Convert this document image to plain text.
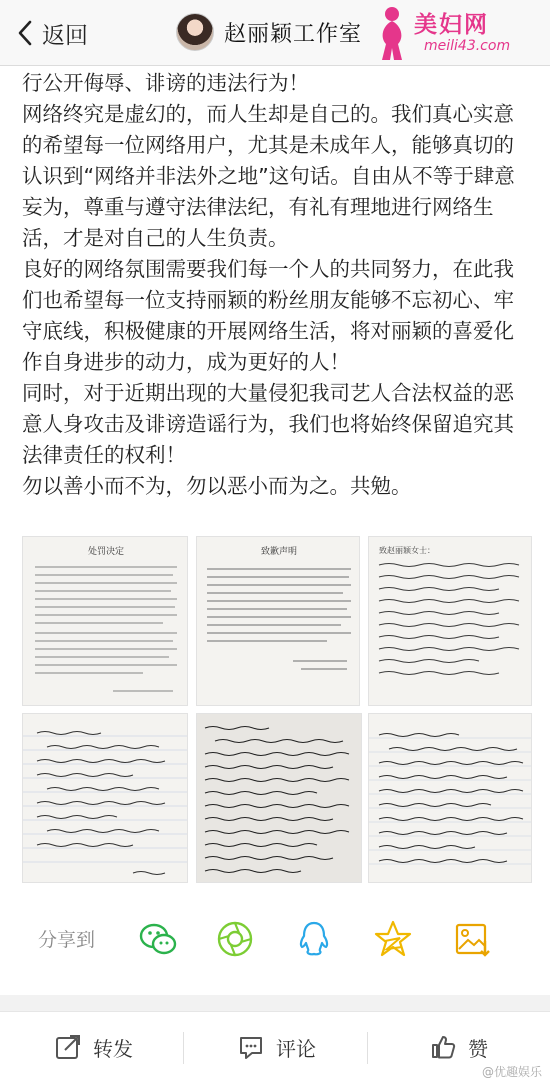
返回	赵丽颖工作室 美妇网
meili43.com

行公开侮辱、诽谤的违法行为！

网络终究是虚幻的，而人生却是自己的。我们真心实意的希望每一位网络用户，尤其是未成年人，能够真切的认识到“网络并非法外之地”这句话。自由从不等于肆意妄为，尊重与遵守法律法纪，有礼有理地进行网络生活，才是对自己的人生负责。

良好的网络氛围需要我们每一个人的共同努力，在此我们也希望每一位支持丽颖的粉丝朋友能够不忘初心、牢守底线，积极健康的开展网络生活，将对丽颖的喜爱化作自身进步的动力，成为更好的人！

同时，对于近期出现的大量侵犯我司艺人合法权益的恶意人身攻击及诽谤造谣行为，我们也将始终保留追究其法律责任的权利！

勿以善小而不为，勿以恶小而为之。共勉。

处罚决定	致歉声明	致赵丽颖女士：
分享到
转发	评论	赞
@优趣娱乐
